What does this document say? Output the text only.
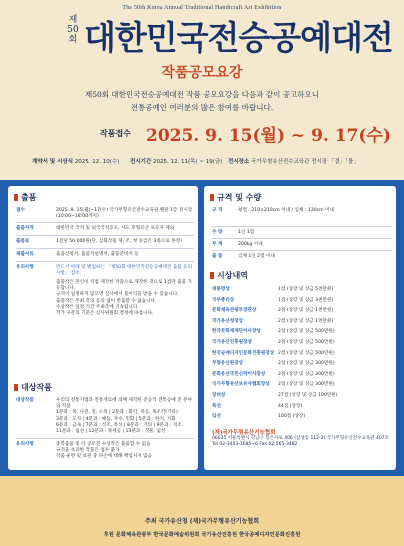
The 50th Korea Annual Traditional Handicraft Art Exhibition
제50회 대한민국전승공예대전
작품공모요강
제50회 대한민국전승공예대전 작품 공모요강을 다음과 같이 공고하오니
전통공예인 여러분의 많은 참여를 바랍니다.
작품접수 2025. 9. 15(월) ~ 9. 17(수)
계약서 및 시상식 2025. 12. 10(수) 전시기간 2025. 12. 11(목) ~ 19(금) 전시장소 국가무형유산전수교육관 전시장 「결」「를」
출품
접수	2025. 9. 15(월)~17(수) 국가무형유산전수교육관 별관 1층 전시장(10:00~18:00까지)
출품자격	대한민국 국적 및 외국국적동포, 시도 무형유산 보유자 제외
출품료	1점당 50,000원(단, 심화작품 제, 조, 첫 등급은 3종으로 한정)
제출서류	출품신청서, 출품작설명서, 출품준비서 등
유의사항	반드시 아래 및 별첨하는 「제50회 대한민국전승공예대전 출품 유의사항」 참조.
출품작은 본인이 직접 제작한 작품으로 제작한 것으로 1점만 출품 가능합니다.
규격이 일정하지 않으면 심사에서 불이익을 받을 수 있습니다.
출품작은 주최 측의 동의 없이 반출할 수 없습니다.
수상작은 일정 기간 주최측에 귀속됩니다.
작가 구분의 기준은 심사위원회 결정에 따릅니다.
대상작품
대상작품	우리의 전통기법과 전통재료에 의해 제작된 전승작 전통공예 전 분야의 작품
1분과 : 목, 나전, 칠, 소목 | 2분과 : 화각, 목공, 목조각(기타)
3분과 : 도자 | 4분과 : 매듭, 자수, 민화 | 5분과 : 한지, 지화
6분과 : 금속 | 7분과 : 석조, 옥석 | 8분과 : 기타 | 9분과 : 직조
11분과 : 침선 | 12분과 : 죽세공 | 13분과 : 직물, 침선
유의사항	중복출품 및 타 공모전 수상작은 출품할 수 없음
규격을 초과한 작품은 접수 불가
작품 운반 및 보관 중 파손에 대해 책임지지 않음
규격 및 수량
규 격	평면 : 210×210cm 이내 / 입체 : 130cm 이내
수 량	1인 1점
무 게	200kg 이내
출 품	입체 1인 2점 이내
시상내역
대통령상	1점 (상장 및 상금 5천만원)
국무총리상	1점 (상장 및 상금 3천만원)
문화체육관광부장관상	2점 (상장 및 상금 1천만원)
국가유산청장상	2점 (상장 및 상금 1천만원)
한국문화재재단이사장상	2점 (상장 및 상금 500만원)
국가유산진흥원장상	2점 (상장 및 상금 500만원)
한국공예디자인문화진흥원장상 2점 (상장 및 상금 500만원)
무형유산원장상	2점 (상장 및 상금 300만원)
문화유산국민신탁이사장상	2점 (상장 및 상금 300만원)
국가무형유산보유자협회장상	2점 (상장 및 상금 300만원)
장려상	27점 (상장 및 상금 100만원)
특선	44점 (상장)
입선	100점 (상장)
(재)국가무형유산기능협회
06635 서울특별시 강남구 봉은사로 406 (삼성동 112-2) 국가무형유산전수교육관 407호
Tel 02-3453-1685~6 Fax 02-565-3482
주최 국가유산청 (재)국가무형유산기능협회
후원 문화체육관광부 한국문화예술위원회 국가유산진흥원 한국공예디자인문화진흥원
